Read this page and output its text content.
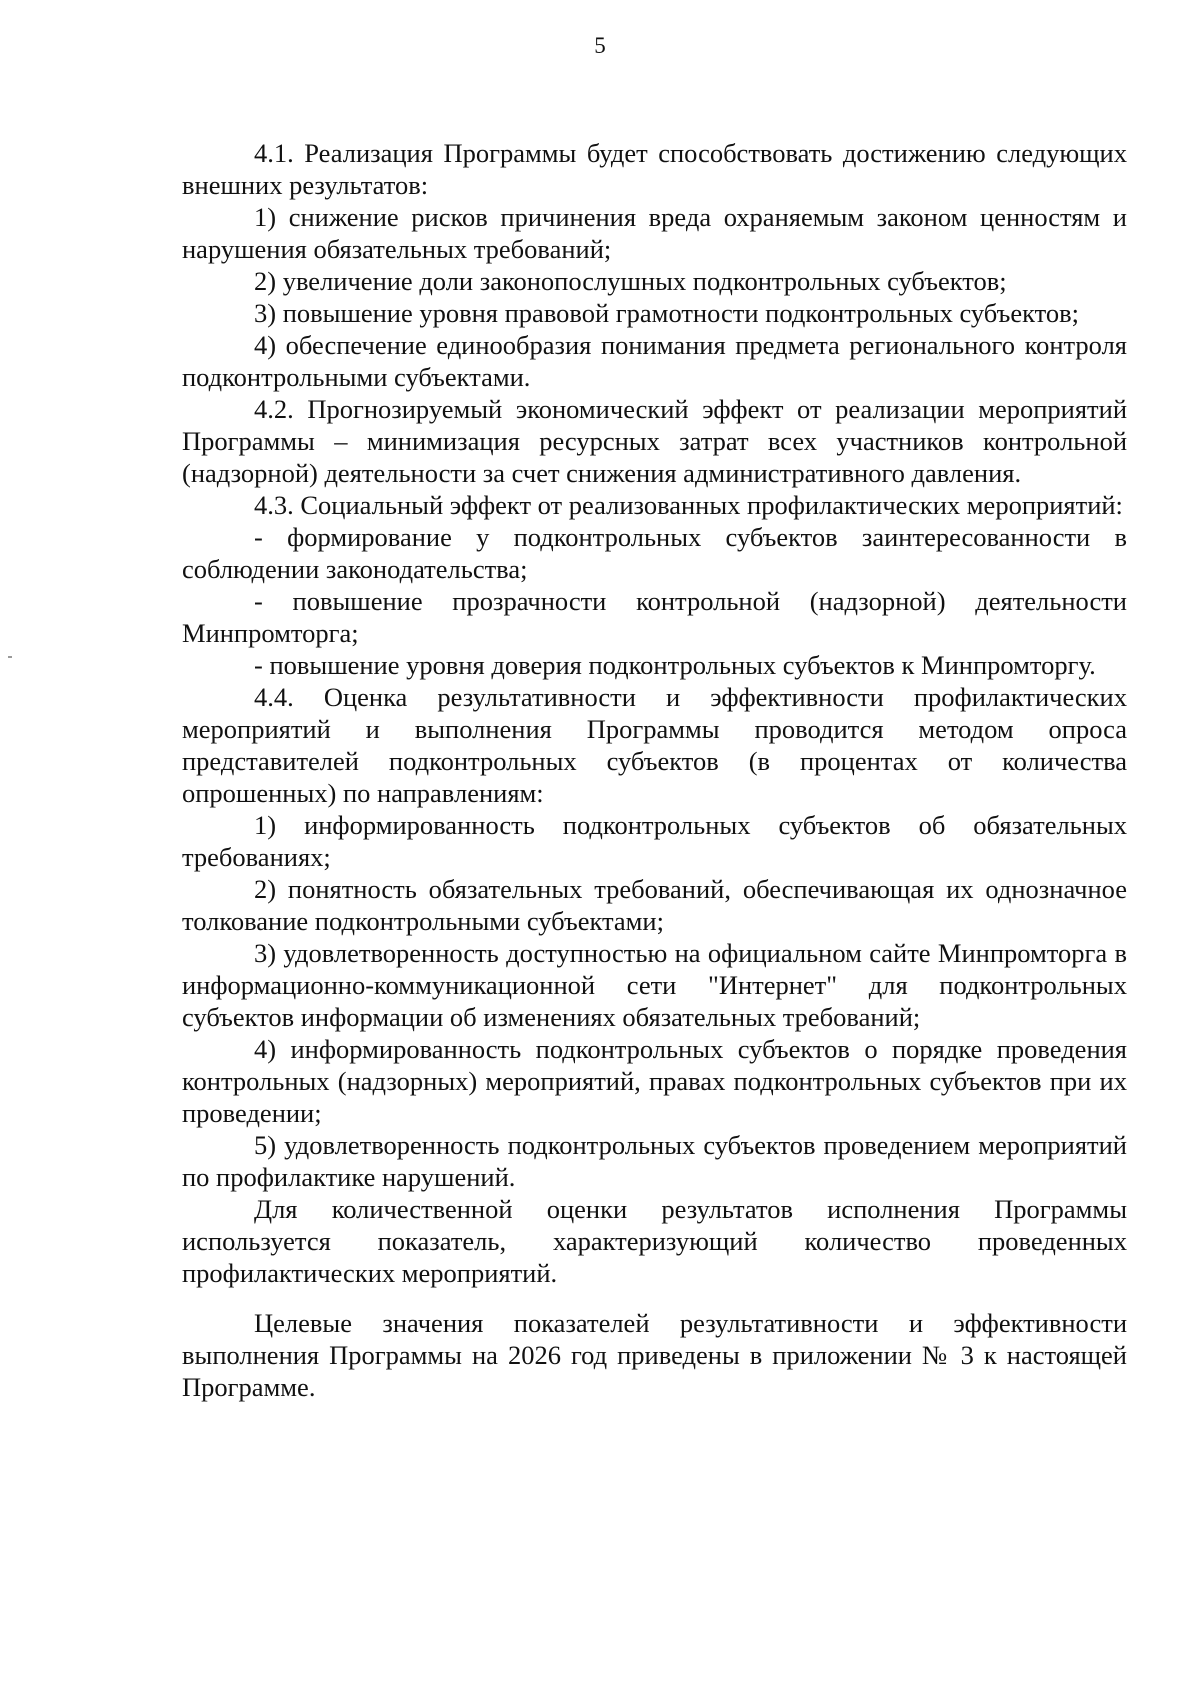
5

4.1. Реализация Программы будет способствовать достижению следующих внешних результатов:

1) снижение рисков причинения вреда охраняемым законом ценностям и нарушения обязательных требований;

2) увеличение доли законопослушных подконтрольных субъектов;

3) повышение уровня правовой грамотности подконтрольных субъектов;

4) обеспечение единообразия понимания предмета регионального контроля подконтрольными субъектами.

4.2. Прогнозируемый экономический эффект от реализации мероприятий Программы – минимизация ресурсных затрат всех участников контрольной (надзорной) деятельности за счет снижения административного давления.

4.3. Социальный эффект от реализованных профилактических мероприятий:

- формирование у подконтрольных субъектов заинтересованности в соблюдении законодательства;

- повышение прозрачности контрольной (надзорной) деятельности Минпромторга;

- повышение уровня доверия подконтрольных субъектов к Минпромторгу.

4.4. Оценка результативности и эффективности профилактических мероприятий и выполнения Программы проводится методом опроса представителей подконтрольных субъектов (в процентах от количества опрошенных) по направлениям:

1) информированность подконтрольных субъектов об обязательных требованиях;

2) понятность обязательных требований, обеспечивающая их однозначное толкование подконтрольными субъектами;

3) удовлетворенность доступностью на официальном сайте Минпромторга в информационно-коммуникационной сети "Интернет" для подконтрольных субъектов информации об изменениях обязательных требований;

4) информированность подконтрольных субъектов о порядке проведения контрольных (надзорных) мероприятий, правах подконтрольных субъектов при их проведении;

5) удовлетворенность подконтрольных субъектов проведением мероприятий по профилактике нарушений.

Для количественной оценки результатов исполнения Программы используется показатель, характеризующий количество проведенных профилактических мероприятий.

Целевые значения показателей результативности и эффективности выполнения Программы на 2026 год приведены в приложении № 3 к настоящей Программе.
